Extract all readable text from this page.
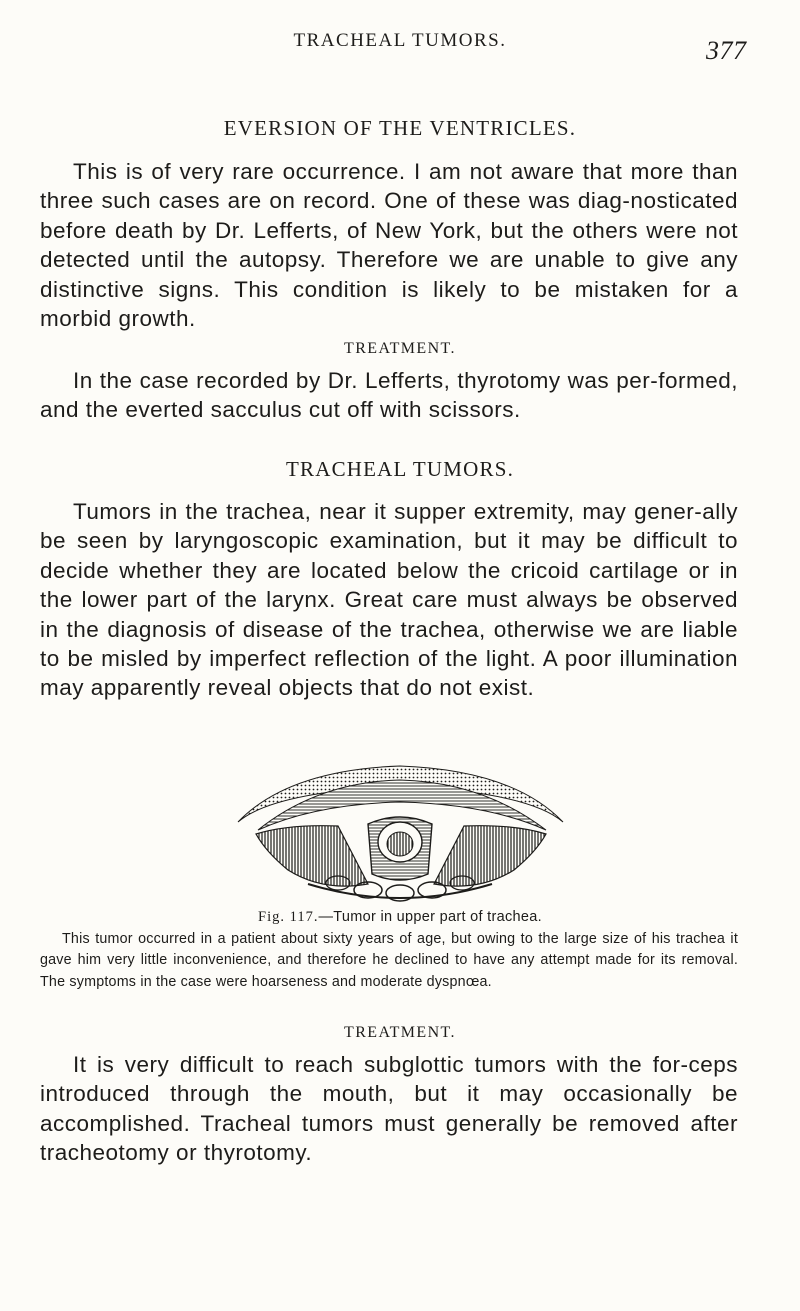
TRACHEAL TUMORS.	377
EVERSION OF THE VENTRICLES.

This is of very rare occurrence. I am not aware that more than three such cases are on record. One of these was diag-nosticated before death by Dr. Lefferts, of New York, but the others were not detected until the autopsy. Therefore we are unable to give any distinctive signs. This condition is likely to be mistaken for a morbid growth.

TREATMENT.

In the case recorded by Dr. Lefferts, thyrotomy was per-formed, and the everted sacculus cut off with scissors.

TRACHEAL TUMORS.

Tumors in the trachea, near it supper extremity, may gener-ally be seen by laryngoscopic examination, but it may be difficult to decide whether they are located below the cricoid cartilage or in the lower part of the larynx. Great care must always be observed in the diagnosis of disease of the trachea, otherwise we are liable to be misled by imperfect reflection of the light. A poor illumination may apparently reveal objects that do not exist.

Fig. 117.—Tumor in upper part of trachea.

This tumor occurred in a patient about sixty years of age, but owing to the large size of his trachea it gave him very little inconvenience, and therefore he declined to have any attempt made for its removal. The symptoms in the case were hoarseness and moderate dyspnœa.

TREATMENT.

It is very difficult to reach subglottic tumors with the for-ceps introduced through the mouth, but it may occasionally be accomplished. Tracheal tumors must generally be removed after tracheotomy or thyrotomy.
